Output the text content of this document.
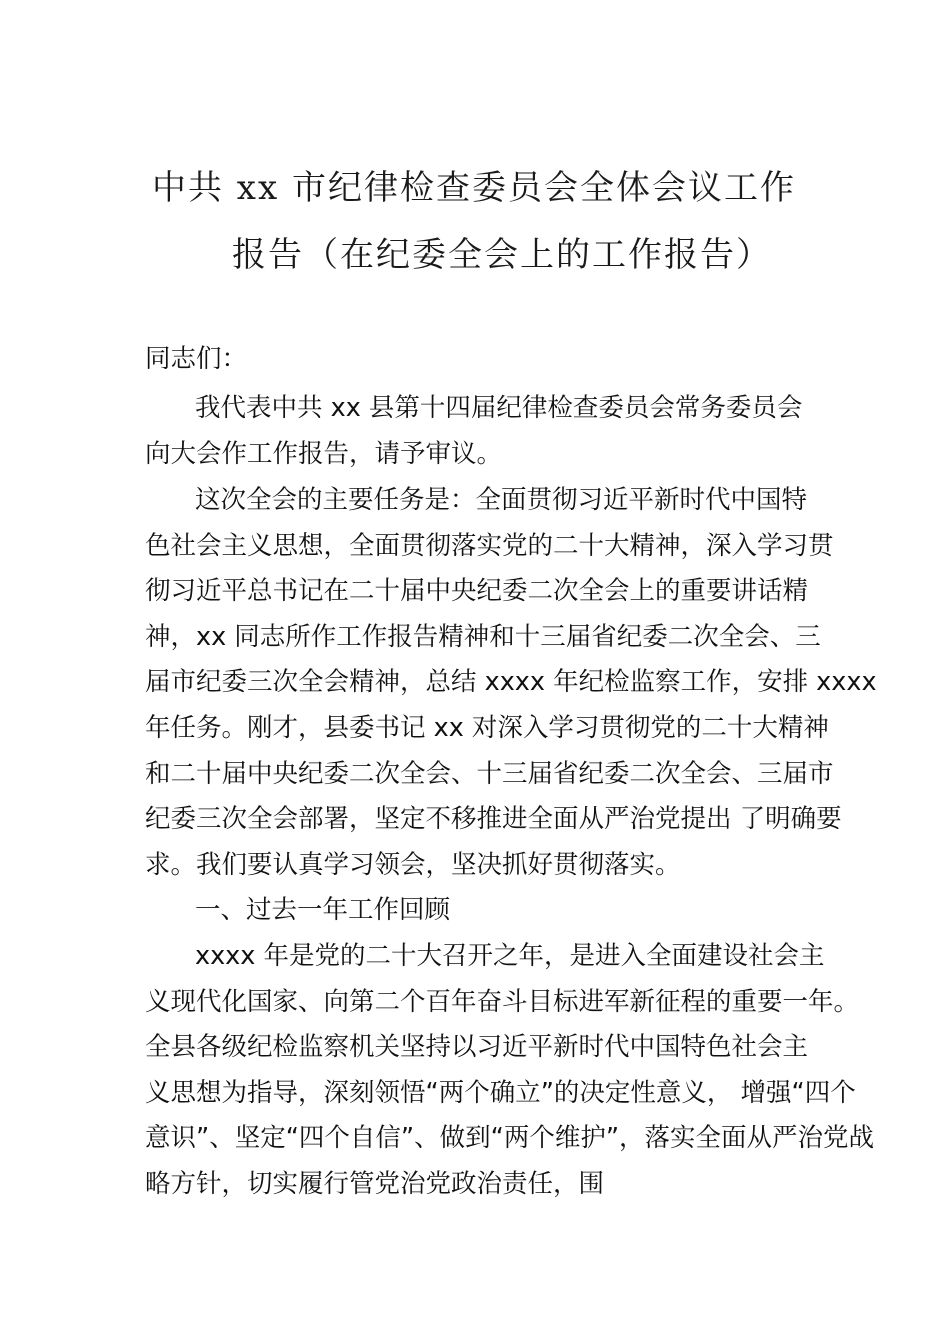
中共 xx 市纪律检查委员会全体会议工作
报告（在纪委全会上的工作报告）
同志们：
我代表中共 xx 县第十四届纪律检查委员会常务委员会
向大会作工作报告，请予审议。
这次全会的主要任务是：全面贯彻习近平新时代中国特
色社会主义思想，全面贯彻落实党的二十大精神，深入学习贯
彻习近平总书记在二十届中央纪委二次全会上的重要讲话精
神，xx 同志所作工作报告精神和十三届省纪委二次全会、三
届市纪委三次全会精神，总结 xxxx 年纪检监察工作，安排 xxxx
年任务。刚才，县委书记 xx 对深入学习贯彻党的二十大精神
和二十届中央纪委二次全会、十三届省纪委二次全会、三届市
纪委三次全会部署，坚定不移推进全面从严治党提出 了明确要
求。我们要认真学习领会，坚决抓好贯彻落实。
一、过去一年工作回顾
xxxx 年是党的二十大召开之年，是进入全面建设社会主
义现代化国家、向第二个百年奋斗目标进军新征程的重要一年。
全县各级纪检监察机关坚持以习近平新时代中国特色社会主
义思想为指导，深刻领悟“两个确立”的决定性意义， 增强“四个
意识”、坚定“四个自信”、做到“两个维护”，落实全面从严治党战
略方针，切实履行管党治党政治责任，围
